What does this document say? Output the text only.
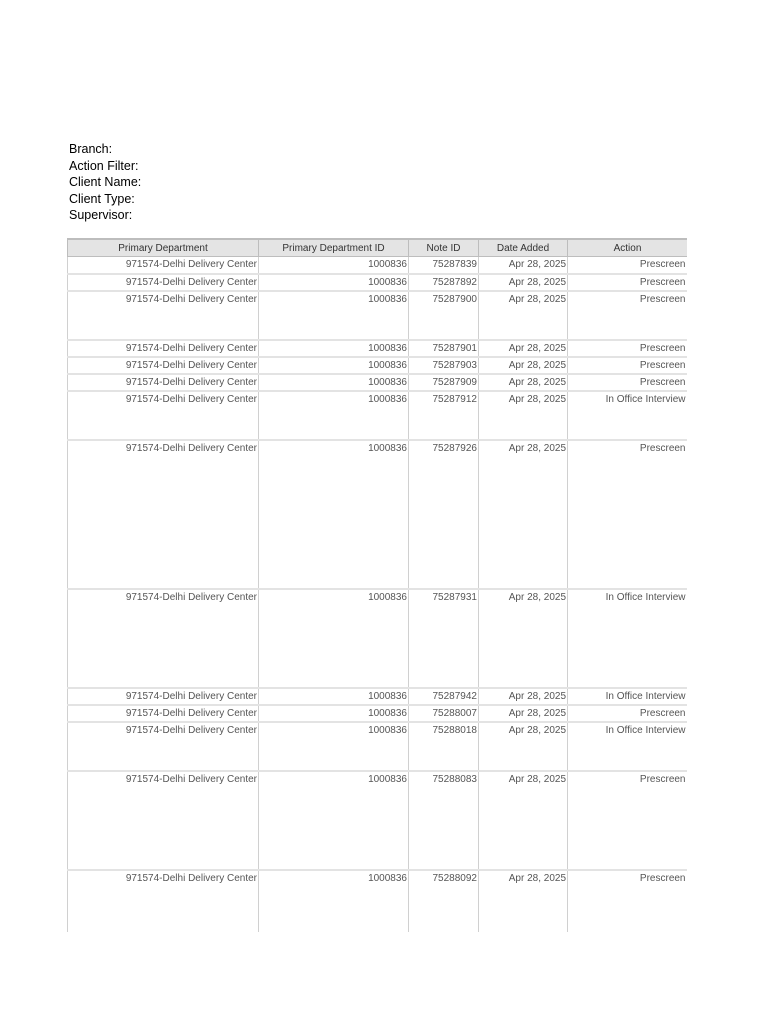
Branch:
Action Filter:
Client Name:
Client Type:
Supervisor:
Primary Department	Primary Department ID	Note ID	Date Added	Action
971574-Delhi Delivery Center	1000836	75287839	Apr 28, 2025	Prescreen
971574-Delhi Delivery Center	1000836	75287892	Apr 28, 2025	Prescreen
971574-Delhi Delivery Center	1000836	75287900	Apr 28, 2025	Prescreen
971574-Delhi Delivery Center	1000836	75287901	Apr 28, 2025	Prescreen
971574-Delhi Delivery Center	1000836	75287903	Apr 28, 2025	Prescreen
971574-Delhi Delivery Center	1000836	75287909	Apr 28, 2025	Prescreen
971574-Delhi Delivery Center	1000836	75287912	Apr 28, 2025	In Office Interview
971574-Delhi Delivery Center	1000836	75287926	Apr 28, 2025	Prescreen
971574-Delhi Delivery Center	1000836	75287931	Apr 28, 2025	In Office Interview
971574-Delhi Delivery Center	1000836	75287942	Apr 28, 2025	In Office Interview
971574-Delhi Delivery Center	1000836	75288007	Apr 28, 2025	Prescreen
971574-Delhi Delivery Center	1000836	75288018	Apr 28, 2025	In Office Interview
971574-Delhi Delivery Center	1000836	75288083	Apr 28, 2025	Prescreen
971574-Delhi Delivery Center	1000836	75288092	Apr 28, 2025	Prescreen
